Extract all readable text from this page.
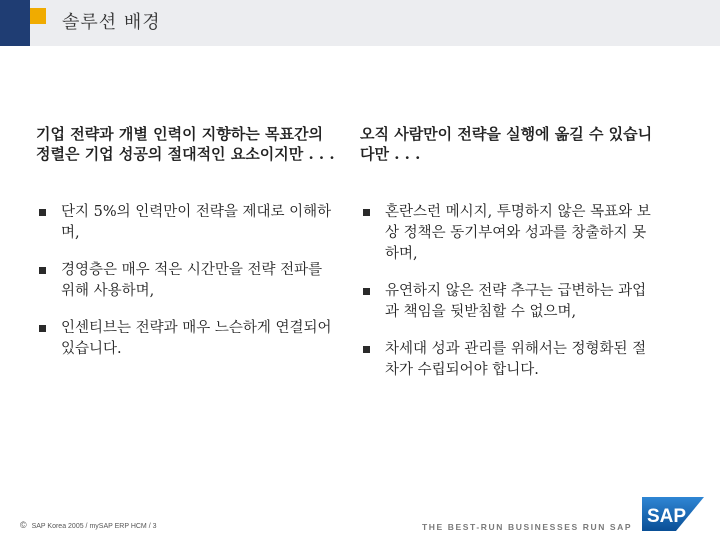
솔루션 배경

기업 전략과 개별 인력이 지향하는 목표간의 정렬은 기업 성공의 절대적인 요소이지만 . . .

단지 5%의 인력만이 전략을 제대로 이해하며,
경영층은 매우 적은 시간만을 전략 전파를 위해 사용하며,
인센티브는 전략과 매우 느슨하게 연결되어 있습니다.

오직 사람만이 전략을 실행에 옮길 수 있습니다만 . . .

혼란스런 메시지, 투명하지 않은 목표와 보상 정책은 동기부여와 성과를 창출하지 못하며,
유연하지 않은 전략 추구는 급변하는 과업과 책임을 뒷받침할 수 없으며,
차세대 성과 관리를 위해서는 정형화된 절차가 수립되어야 합니다.
© SAP Korea 2005 / mySAP ERP HCM / 3	THE BEST-RUN BUSINESSES RUN SAP SAP
